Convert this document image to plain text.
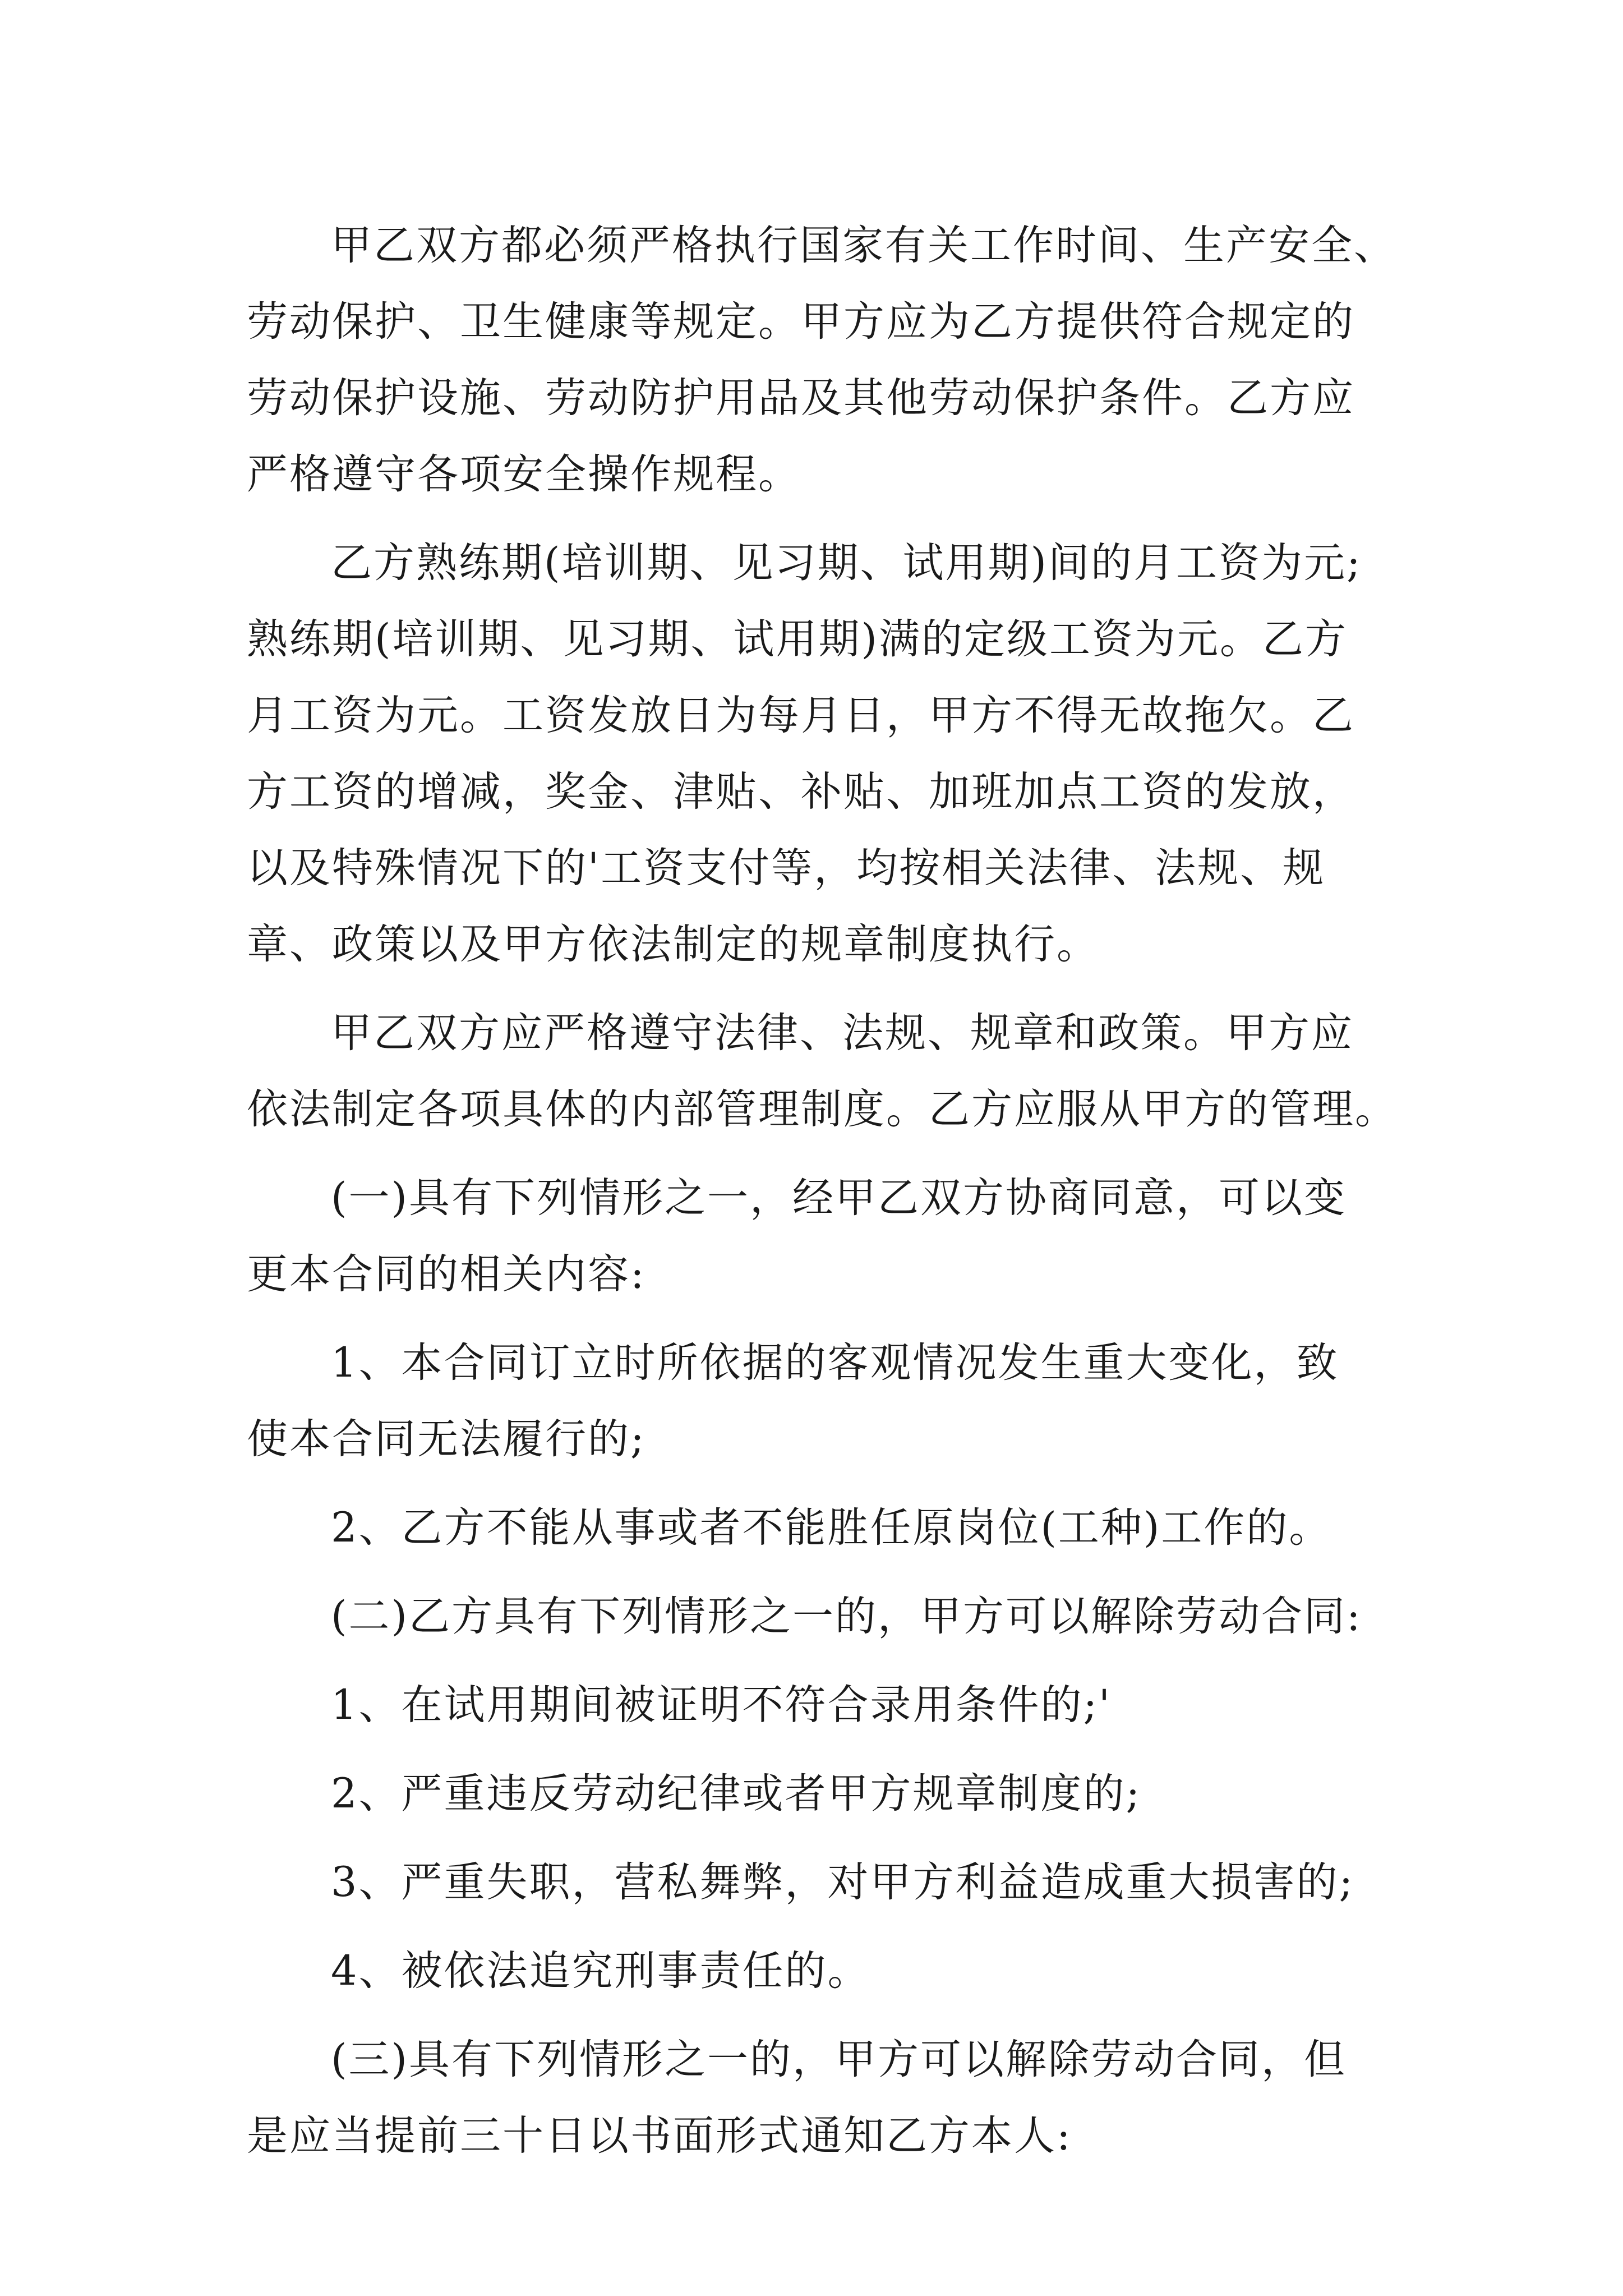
甲乙双方都必须严格执行国家有关工作时间、生产安全、
劳动保护、卫生健康等规定。甲方应为乙方提供符合规定的
劳动保护设施、劳动防护用品及其他劳动保护条件。乙方应
严格遵守各项安全操作规程。
乙方熟练期(培训期、见习期、试用期)间的月工资为元;
熟练期(培训期、见习期、试用期)满的定级工资为元。乙方
月工资为元。工资发放日为每月日，甲方不得无故拖欠。乙
方工资的增减，奖金、津贴、补贴、加班加点工资的发放，
以及特殊情况下的'工资支付等，均按相关法律、法规、规
章、政策以及甲方依法制定的规章制度执行。
甲乙双方应严格遵守法律、法规、规章和政策。甲方应
依法制定各项具体的内部管理制度。乙方应服从甲方的管理。
(一)具有下列情形之一，经甲乙双方协商同意，可以变
更本合同的相关内容:
1、本合同订立时所依据的客观情况发生重大变化，致
使本合同无法履行的;
2、乙方不能从事或者不能胜任原岗位(工种)工作的。
(二)乙方具有下列情形之一的，甲方可以解除劳动合同:
1、在试用期间被证明不符合录用条件的;'
2、严重违反劳动纪律或者甲方规章制度的;
3、严重失职，营私舞弊，对甲方利益造成重大损害的;
4、被依法追究刑事责任的。
(三)具有下列情形之一的，甲方可以解除劳动合同，但
是应当提前三十日以书面形式通知乙方本人:
